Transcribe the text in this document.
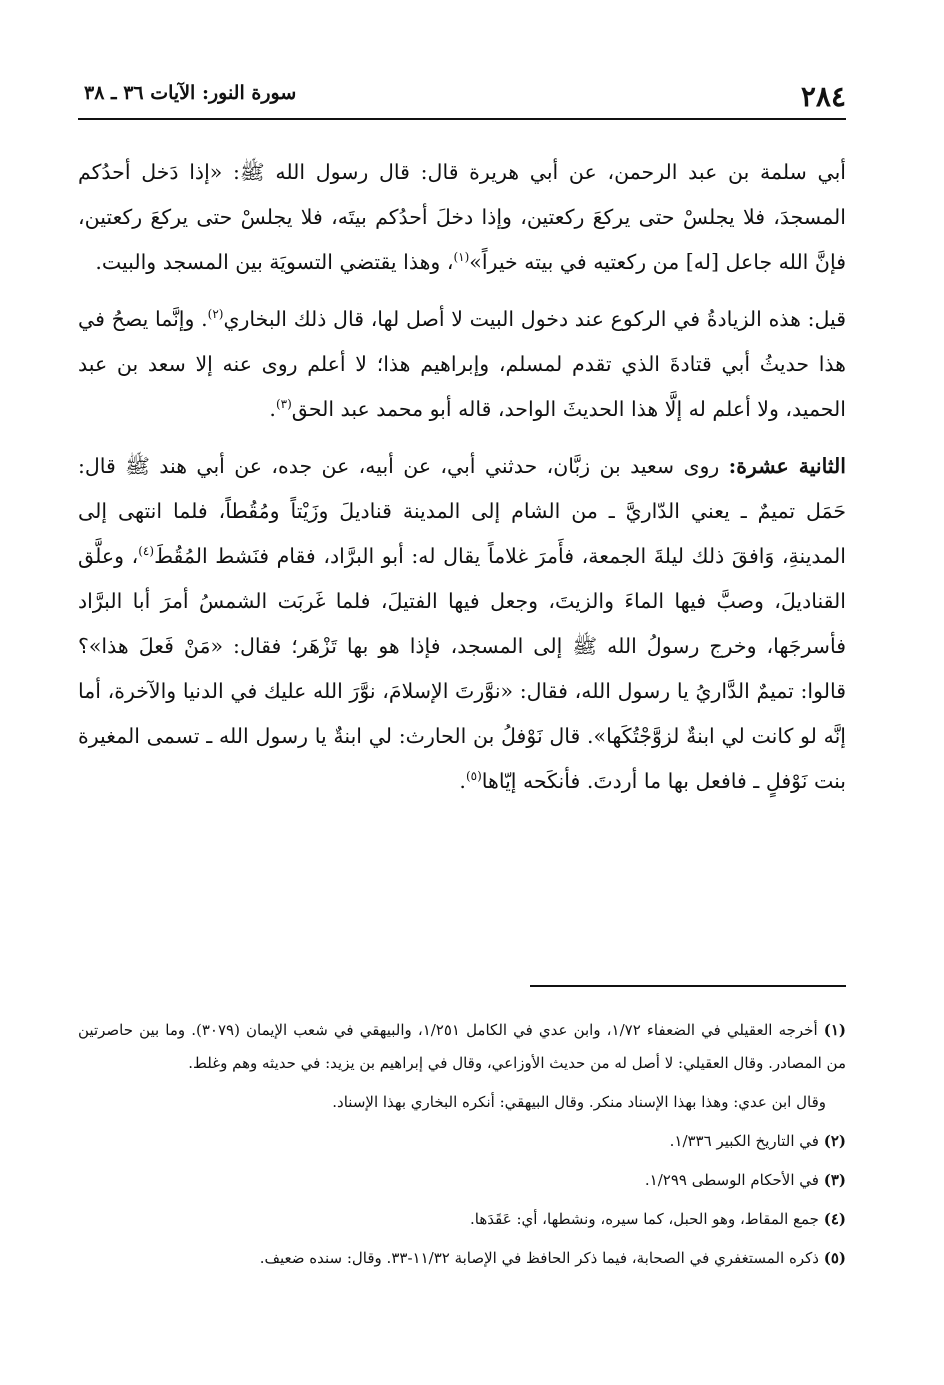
٢٨٤
سورة النور: الآيات ٣٦ ـ ٣٨

أبي سلمة بن عبد الرحمن، عن أبي هريرة قال: قال رسول الله ﷺ: «إذا دَخل أحدُكم المسجدَ، فلا يجلسْ حتى يركعَ ركعتين، وإذا دخلَ أحدُكم بيتَه، فلا يجلسْ حتى يركعَ ركعتين، فإنَّ الله جاعل [له] من ركعتيه في بيته خيراً»$^{(١)}$، وهذا يقتضي التسويَة بين المسجد والبيت.

قيل: هذه الزيادةُ في الركوع عند دخول البيت لا أصل لها، قال ذلك البخاري$^{(٢)}$. وإنَّما يصحُ في هذا حديثُ أبي قتادةَ الذي تقدم لمسلم، وإبراهيم هذا؛ لا أعلم روى عنه إلا سعد بن عبد الحميد، ولا أعلم له إلَّا هذا الحديثَ الواحد، قاله أبو محمد عبد الحق$^{(٣)}$.

الثانية عشرة: روى سعيد بن زبَّان، حدثني أبي، عن أبيه، عن جده، عن أبي هند ﷺ قال: حَمَل تميمٌ ـ يعني الدّاريَّ ـ من الشام إلى المدينة قناديلَ وزَيْتاً ومُقُطاً، فلما انتهى إلى المدينةِ، وَافقَ ذلك ليلةَ الجمعة، فأَمرَ غلاماً يقال له: أبو البرَّاد، فقام فنَشط المُقُطَ$^{(٤)}$، وعلَّق القناديلَ، وصبَّ فيها الماءَ والزيتَ، وجعل فيها الفتيلَ، فلما غَربَت الشمسُ أمرَ أبا البرَّاد فأسرجَها، وخرج رسولُ الله ﷺ إلى المسجد، فإذا هو بها تَزْهَر؛ فقال: «مَنْ فَعلَ هذا»؟ قالوا: تميمٌ الدَّاريُ يا رسول الله، فقال: «نوَّرتَ الإسلامَ، نوَّرَ الله عليك في الدنيا والآخرة، أما إنَّه لو كانت لي ابنةٌ لزوَّجْتُكَها». قال نَوْفلُ بن الحارث: لي ابنةٌ يا رسول الله ـ تسمى المغيرة بنت نَوْفلٍ ـ فافعل بها ما أردتَ. فأنكَحه إيّاها$^{(٥)}$.

(١) أخرجه العقيلي في الضعفاء ١/٧٢، وابن عدي في الكامل ١/٢٥١، والبيهقي في شعب الإيمان (٣٠٧٩). وما بين حاصرتين من المصادر. وقال العقيلي: لا أصل له من حديث الأوزاعي، وقال في إبراهيم بن يزيد: في حديثه وهم وغلط.

وقال ابن عدي: وهذا بهذا الإسناد منكر. وقال البيهقي: أنكره البخاري بهذا الإسناد.

(٢) في التاريخ الكبير ١/٣٣٦.

(٣) في الأحكام الوسطى ١/٢٩٩.

(٤) جمع المقاط، وهو الحبل، كما سيره، ونشطها، أي: عَقَدَها.

(٥) ذكره المستغفري في الصحابة، فيما ذكر الحافظ في الإصابة ١١/٣٢-٣٣. وقال: سنده ضعيف.
